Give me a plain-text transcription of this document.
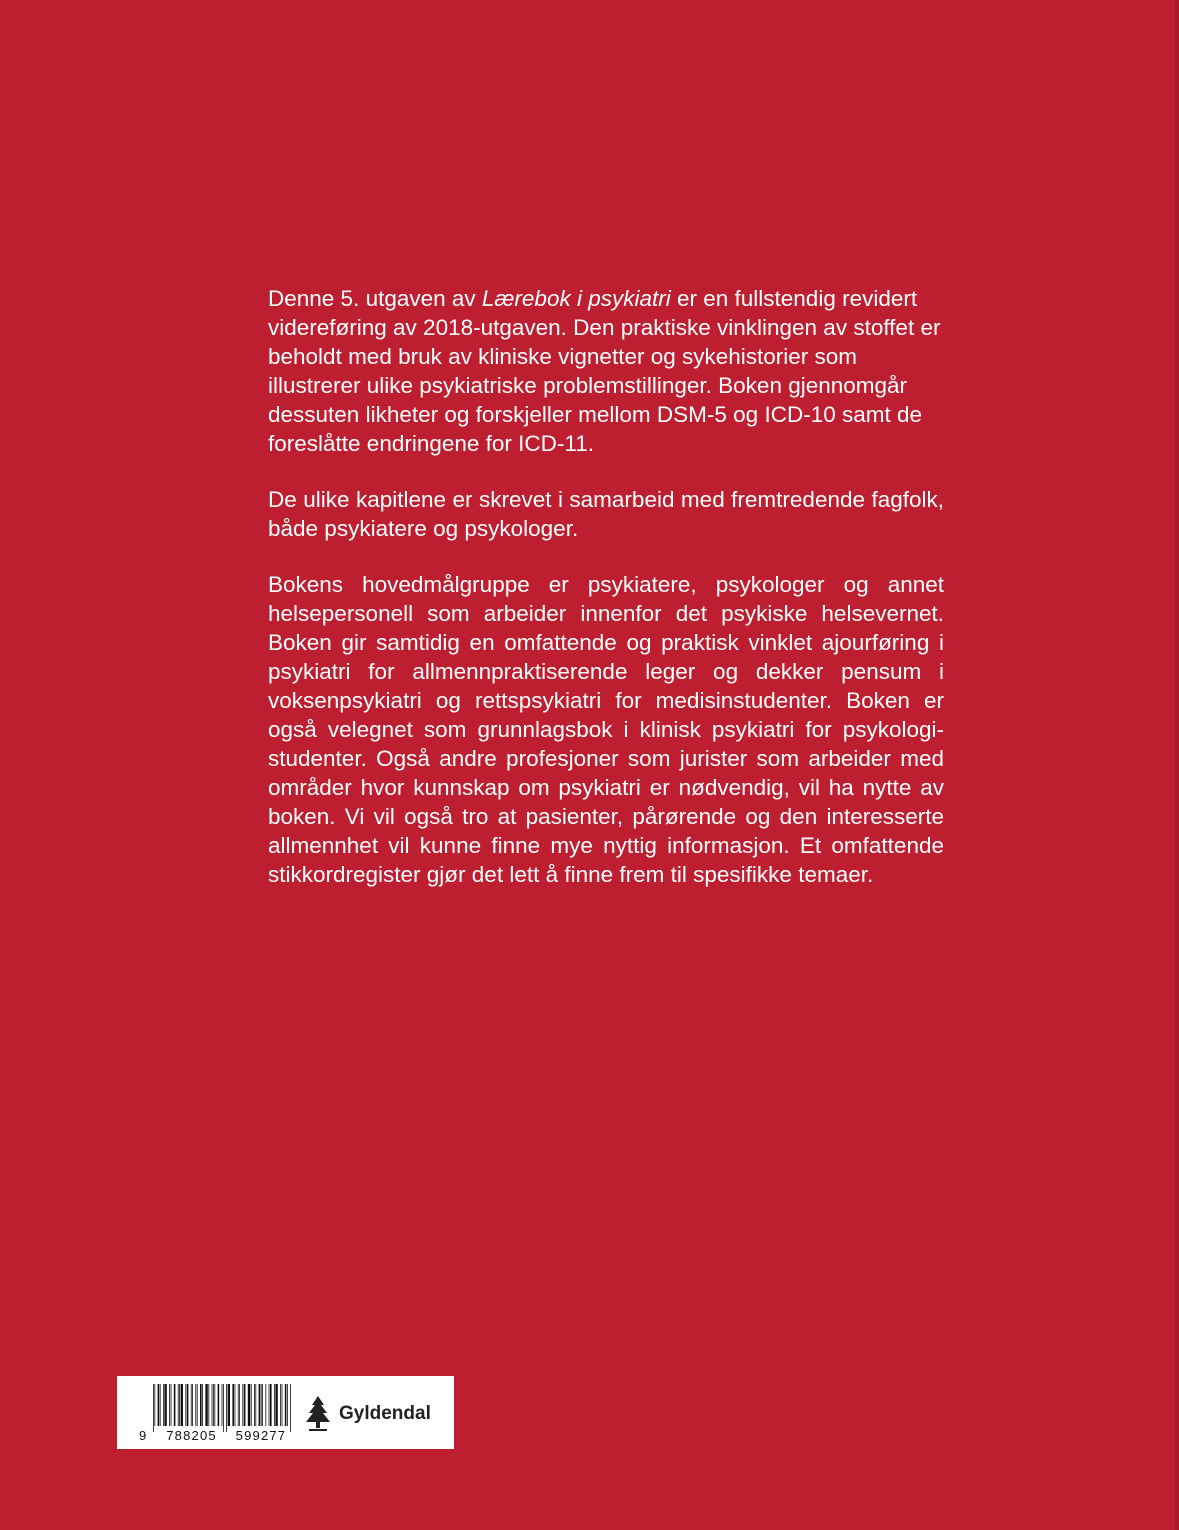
Denne 5. utgaven av Lærebok i psykiatri er en fullstendig revidert videreføring av 2018-utgaven. Den praktiske vinklingen av stoffet er beholdt med bruk av kliniske vignetter og sykehistorier som illustrerer ulike psykiatriske problemstillinger. Boken gjennomgår dessuten likheter og forskjeller mellom DSM-5 og ICD-10 samt de foreslåtte endringene for ICD-11.

De ulike kapitlene er skrevet i samarbeid med fremtredende fagfolk, både psykiatere og psykologer.

Bokens hovedmålgruppe er psykiatere, psykologer og annet helsepersonell som arbeider innenfor det psykiske helsevernet. Boken gir samtidig en omfattende og praktisk vinklet ajourføring i psykiatri for allmennpraktiserende leger og dekker pensum i voksenpsykiatri og rettspsykiatri for medisinstudenter. Boken er også velegnet som grunnlagsbok i klinisk psykiatri for psykologistudenter. Også andre profesjoner som jurister som arbeider med områder hvor kunnskap om psykiatri er nødvendig, vil ha nytte av boken. Vi vil også tro at pasienter, pårørende og den interesserte allmennhet vil kunne finne mye nyttig informasjon. Et omfattende stikkordregister gjør det lett å finne frem til spesifikke temaer.

9 788205 599277
Gyldendal
